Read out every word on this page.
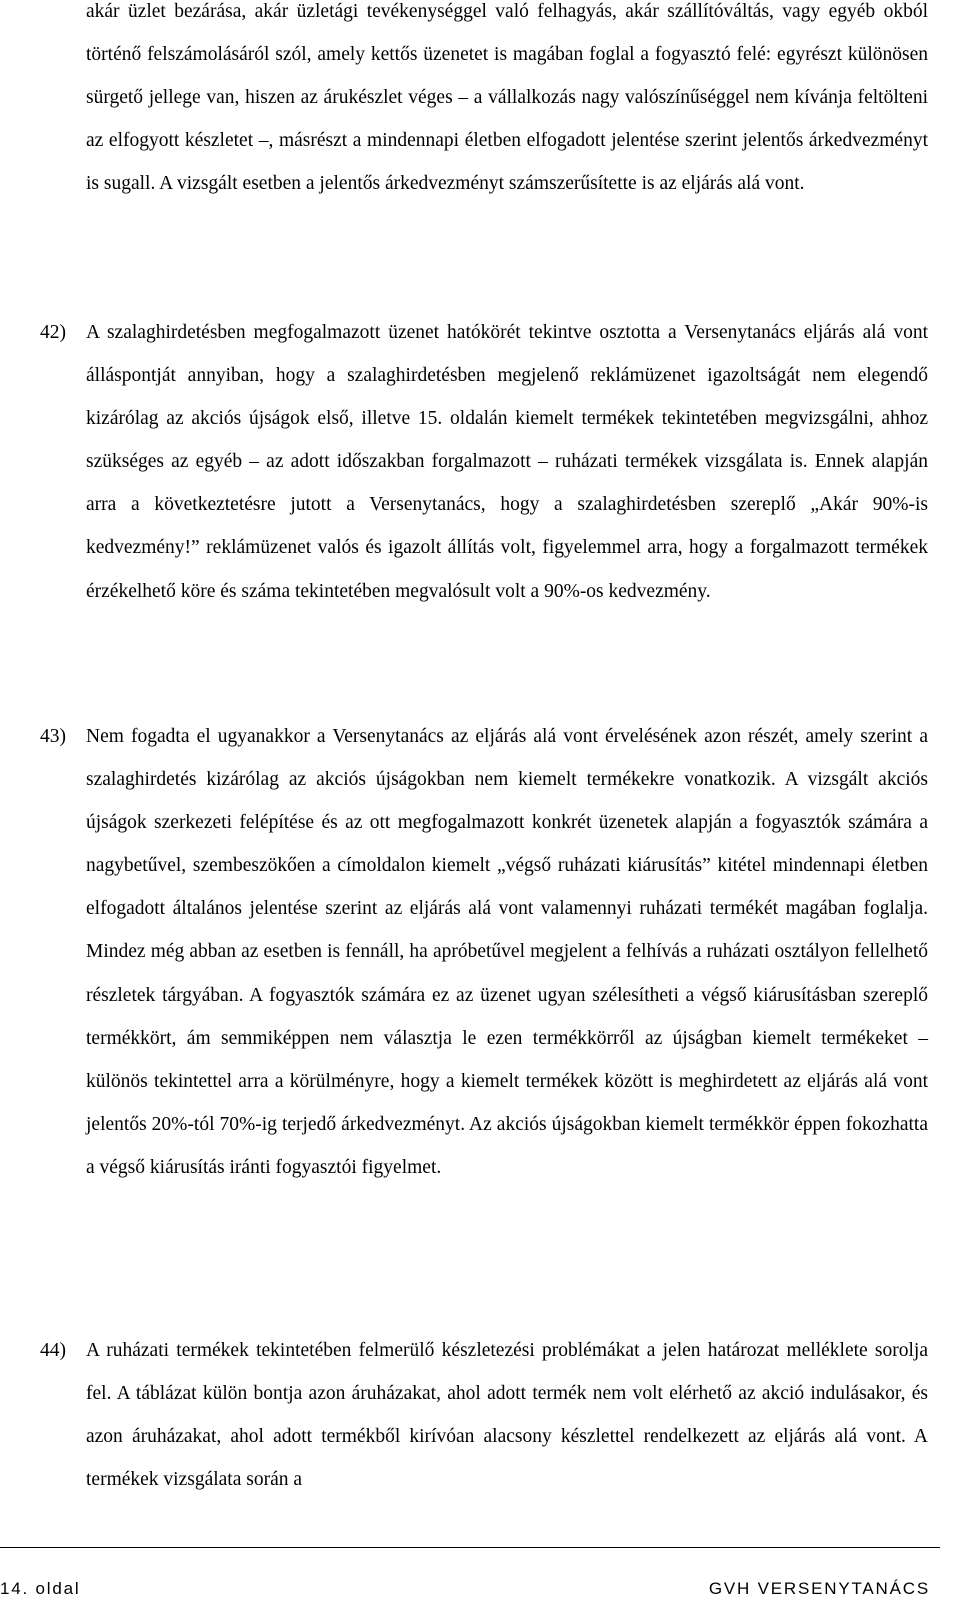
akár üzlet bezárása, akár üzletági tevékenységgel való felhagyás, akár szállítóváltás, vagy egyéb okból történő felszámolásáról szól, amely kettős üzenetet is magában foglal a fogyasztó felé: egyrészt különösen sürgető jellege van, hiszen az árukészlet véges – a vállalkozás nagy valószínűséggel nem kívánja feltölteni az elfogyott készletet –, másrészt a mindennapi életben elfogadott jelentése szerint jelentős árkedvezményt is sugall. A vizsgált esetben a jelentős árkedvezményt számszerűsítette is az eljárás alá vont.
42)	A szalaghirdetésben megfogalmazott üzenet hatókörét tekintve osztotta a Versenytanács eljárás alá vont álláspontját annyiban, hogy a szalaghirdetésben megjelenő reklámüzenet igazoltságát nem elegendő kizárólag az akciós újságok első, illetve 15. oldalán kiemelt termékek tekintetében megvizsgálni, ahhoz szükséges az egyéb – az adott időszakban forgalmazott – ruházati termékek vizsgálata is. Ennek alapján arra a következtetésre jutott a Versenytanács, hogy a szalaghirdetésben szereplő „Akár 90%-is kedvezmény!” reklámüzenet valós és igazolt állítás volt, figyelemmel arra, hogy a forgalmazott termékek érzékelhető köre és száma tekintetében megvalósult volt a 90%-os kedvezmény.
43)	Nem fogadta el ugyanakkor a Versenytanács az eljárás alá vont érvelésének azon részét, amely szerint a szalaghirdetés kizárólag az akciós újságokban nem kiemelt termékekre vonatkozik. A vizsgált akciós újságok szerkezeti felépítése és az ott megfogalmazott konkrét üzenetek alapján a fogyasztók számára a nagybetűvel, szembeszökően a címoldalon kiemelt „végső ruházati kiárusítás” kitétel mindennapi életben elfogadott általános jelentése szerint az eljárás alá vont valamennyi ruházati termékét magában foglalja. Mindez még abban az esetben is fennáll, ha apróbetűvel megjelent a felhívás a ruházati osztályon fellelhető részletek tárgyában. A fogyasztók számára ez az üzenet ugyan szélesítheti a végső kiárusításban szereplő termékkört, ám semmiképpen nem választja le ezen termékkörről az újságban kiemelt termékeket – különös tekintettel arra a körülményre, hogy a kiemelt termékek között is meghirdetett az eljárás alá vont jelentős 20%-tól 70%-ig terjedő árkedvezményt. Az akciós újságokban kiemelt termékkör éppen fokozhatta a végső kiárusítás iránti fogyasztói figyelmet.
44)	A ruházati termékek tekintetében felmerülő készletezési problémákat a jelen határozat melléklete sorolja fel. A táblázat külön bontja azon áruházakat, ahol adott termék nem volt elérhető az akció indulásakor, és azon áruházakat, ahol adott termékből kirívóan alacsony készlettel rendelkezett az eljárás alá vont. A termékek vizsgálata során a
14. oldal	GVH VERSENYTANÁCS
